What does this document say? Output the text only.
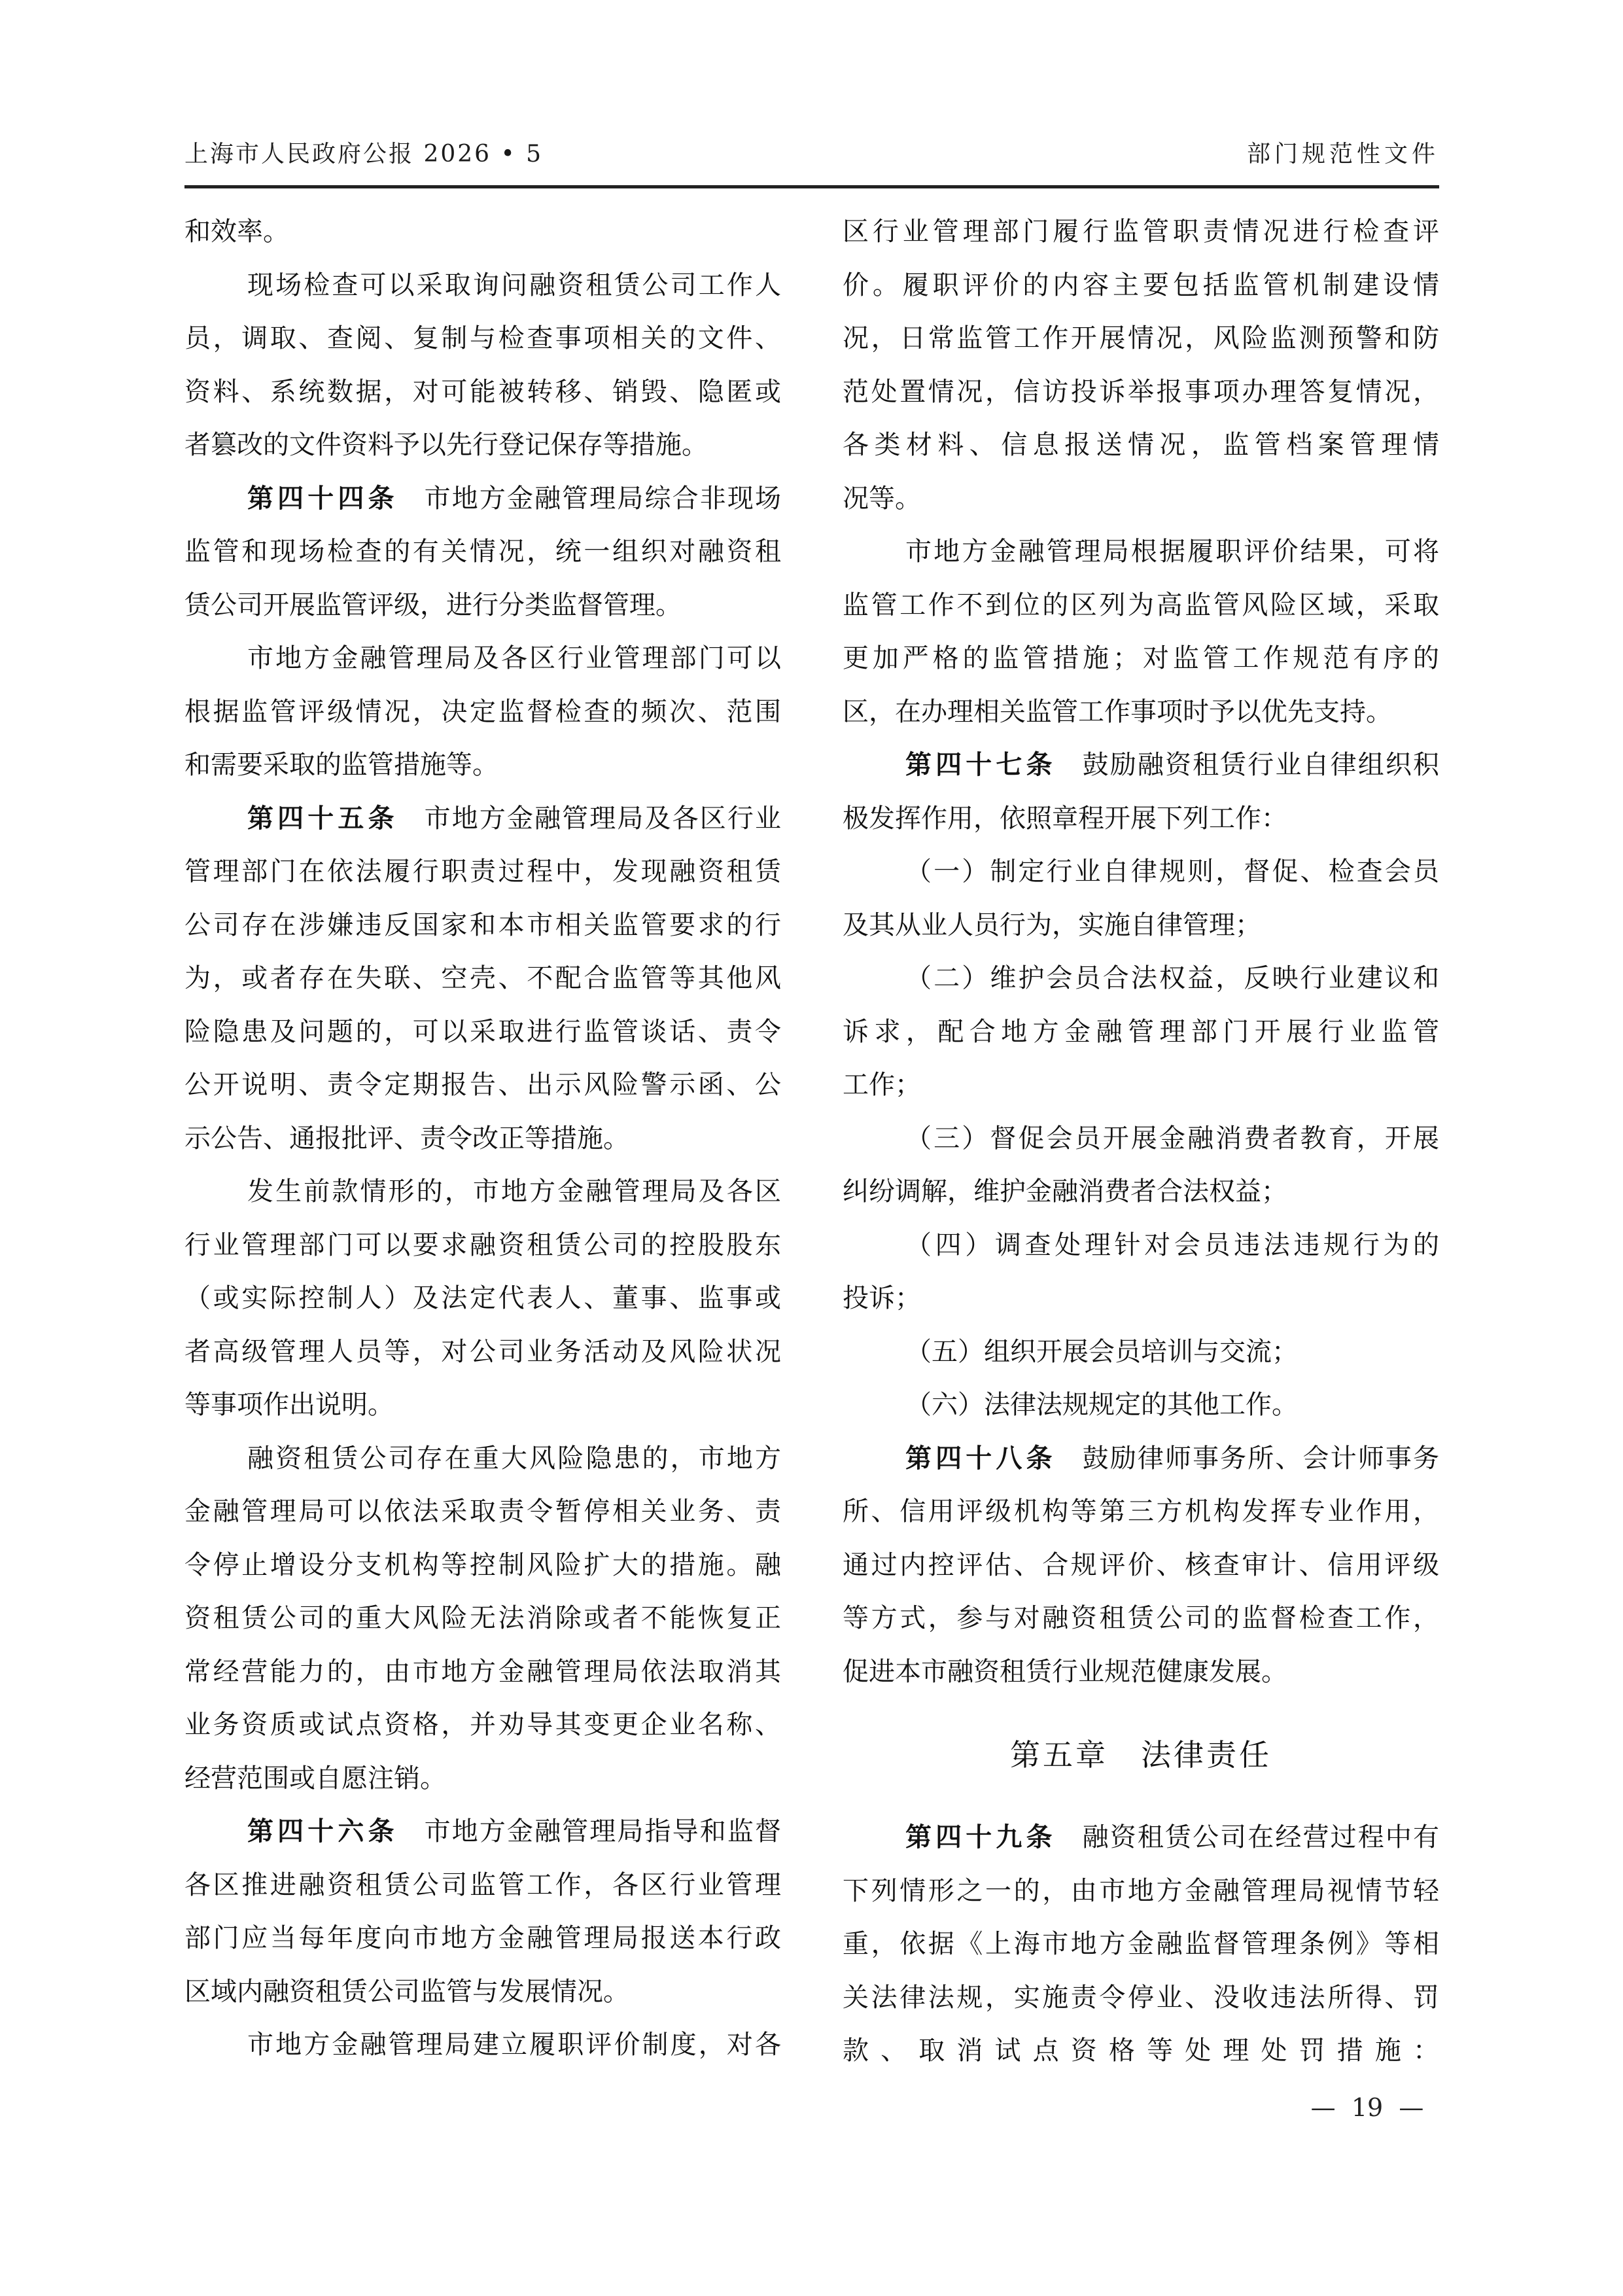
上海市人民政府公报 2026 • 5	部门规范性文件
和效率。
现场检查可以采取询问融资租赁公司工作人
员，调取、查阅、复制与检查事项相关的文件、
资料、系统数据，对可能被转移、销毁、隐匿或
者篡改的文件资料予以先行登记保存等措施。
第四十四条 市地方金融管理局综合非现场
监管和现场检查的有关情况，统一组织对融资租
赁公司开展监管评级，进行分类监督管理。
市地方金融管理局及各区行业管理部门可以
根据监管评级情况，决定监督检查的频次、范围
和需要采取的监管措施等。
第四十五条 市地方金融管理局及各区行业
管理部门在依法履行职责过程中，发现融资租赁
公司存在涉嫌违反国家和本市相关监管要求的行
为，或者存在失联、空壳、不配合监管等其他风
险隐患及问题的，可以采取进行监管谈话、责令
公开说明、责令定期报告、出示风险警示函、公
示公告、通报批评、责令改正等措施。
发生前款情形的，市地方金融管理局及各区
行业管理部门可以要求融资租赁公司的控股股东
（或实际控制人）及法定代表人、董事、监事或
者高级管理人员等，对公司业务活动及风险状况
等事项作出说明。
融资租赁公司存在重大风险隐患的，市地方
金融管理局可以依法采取责令暂停相关业务、责
令停止增设分支机构等控制风险扩大的措施。融
资租赁公司的重大风险无法消除或者不能恢复正
常经营能力的，由市地方金融管理局依法取消其
业务资质或试点资格，并劝导其变更企业名称、
经营范围或自愿注销。
第四十六条 市地方金融管理局指导和监督
各区推进融资租赁公司监管工作，各区行业管理
部门应当每年度向市地方金融管理局报送本行政
区域内融资租赁公司监管与发展情况。
市地方金融管理局建立履职评价制度，对各
区行业管理部门履行监管职责情况进行检查评
价。履职评价的内容主要包括监管机制建设情
况，日常监管工作开展情况，风险监测预警和防
范处置情况，信访投诉举报事项办理答复情况，
各类材料、信息报送情况，监管档案管理情
况等。
市地方金融管理局根据履职评价结果，可将
监管工作不到位的区列为高监管风险区域，采取
更加严格的监管措施；对监管工作规范有序的
区，在办理相关监管工作事项时予以优先支持。
第四十七条 鼓励融资租赁行业自律组织积
极发挥作用，依照章程开展下列工作：
（一）制定行业自律规则，督促、检查会员
及其从业人员行为，实施自律管理；
（二）维护会员合法权益，反映行业建议和
诉求，配合地方金融管理部门开展行业监管
工作；
（三）督促会员开展金融消费者教育，开展
纠纷调解，维护金融消费者合法权益；
（四）调查处理针对会员违法违规行为的
投诉；
（五）组织开展会员培训与交流；
（六）法律法规规定的其他工作。
第四十八条 鼓励律师事务所、会计师事务
所、信用评级机构等第三方机构发挥专业作用，
通过内控评估、合规评价、核查审计、信用评级
等方式，参与对融资租赁公司的监督检查工作，
促进本市融资租赁行业规范健康发展。
第五章　法律责任
第四十九条 融资租赁公司在经营过程中有
下列情形之一的，由市地方金融管理局视情节轻
重，依据《上海市地方金融监督管理条例》等相
关法律法规，实施责令停业、没收违法所得、罚
款、取消试点资格等处理处罚措施：
—  19  —
